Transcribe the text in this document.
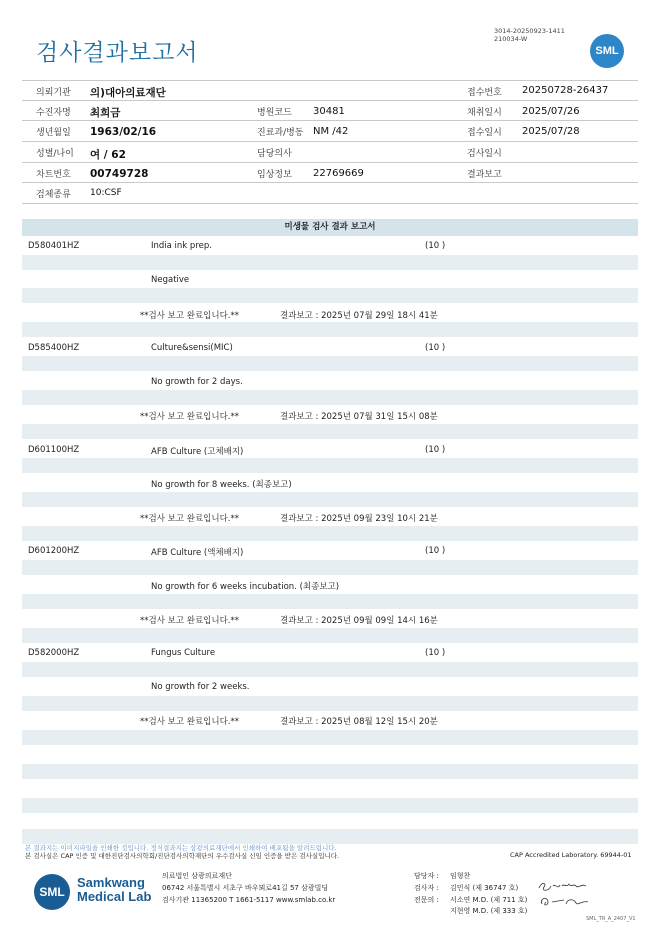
검사결과보고서
3014-20250923-1411
210034-W
SML
의뢰기관 의)대아의료재단	접수번호 20250728-26437
수진자명 최희금	병원코드 30481	채취일시 2025/07/26
생년월일 1963/02/16	진료과/병동 NM /42	접수일시 2025/07/28
성별/나이 여 / 62	담당의사	검사일시
차트번호 00749728	임상정보 22769669	결과보고
검체종류 10:CSF
미생물 검사 결과 보고서
D580401HZ	India ink prep.	(10 )
Negative
**검사 보고 완료입니다.**	결과보고 : 2025년 07월 29일 18시 41분
D585400HZ	Culture&sensi(MIC)	(10 )
No growth for 2 days.
**검사 보고 완료입니다.**	결과보고 : 2025년 07월 31일 15시 08분
D601100HZ	AFB Culture (고체배지)	(10 )
No growth for 8 weeks. (최종보고)
**검사 보고 완료입니다.**	결과보고 : 2025년 09월 23일 10시 21분
D601200HZ	AFB Culture (액체배지)	(10 )
No growth for 6 weeks incubation. (최종보고)
**검사 보고 완료입니다.**	결과보고 : 2025년 09월 09일 14시 16분
D582000HZ	Fungus Culture	(10 )
No growth for 2 weeks.
**검사 보고 완료입니다.**	결과보고 : 2025년 08월 12일 15시 20분
본 결과지는 이미지파일을 인쇄한 것입니다. 정식결과지는 삼광의료재단에서 인쇄하여 배포됨을 알려드립니다.
본 검사실은 CAP 인증 및 대한진단검사의학회/진단검사의학재단의 우수검사실 신임 인증을 받은 검사실입니다.	CAP Accredited Laboratory. 69944-01
SML
Samkwang
Medical Lab
의료법인 삼광의료재단
06742 서울특별시 서초구 바우뫼로41길 57 삼광빌딩
검사기관 11365200 T 1661-5117 www.smlab.co.kr
담당자 : 임형찬
검사자 : 김민식 (제 36747 호)
전문의 : 서소연 M.D. (제 711 호)
지현영 M.D. (제 333 호)
SML_TR_A_2407_V1
